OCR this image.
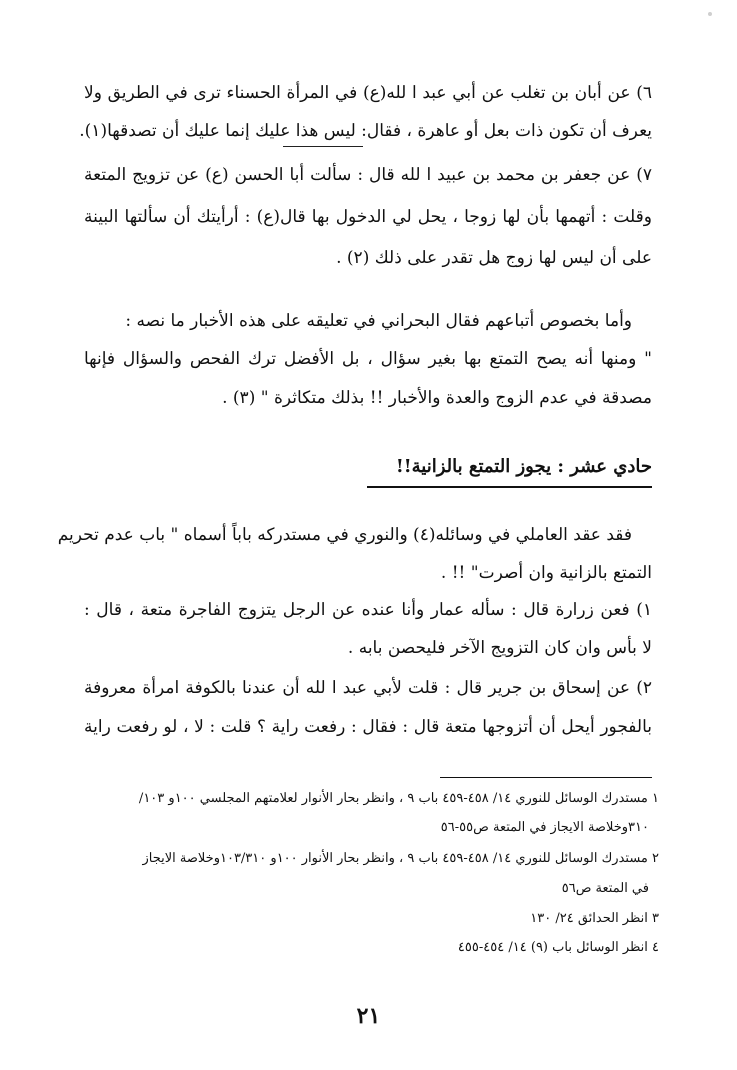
٦) عن أبان بن تغلب عن أبي عبد ا لله(ع) في المرأة الحسناء ترى في الطريق ولا
يعرف أن تكون ذات بعل أو عاهرة ، فقال: ليس هذا عليك إنما عليك أن تصدقها(١).
٧) عن جعفر بن محمد بن عبيد ا لله قال : سألت أبا الحسن (ع) عن تزويج المتعة
وقلت : أتهمها بأن لها زوجا ، يحل لي الدخول بها قال(ع) : أرأيتك أن سألتها البينة
على أن ليس لها زوج هل تقدر على ذلك (٢) .
وأما بخصوص أتباعهم فقال البحراني في تعليقه على هذه الأخبار ما نصه :
" ومنها أنه يصح التمتع بها بغير سؤال ، بل الأفضل ترك الفحص والسؤال فإنها
مصدقة في عدم الزوج والعدة والأخبار !! بذلك متكاثرة " (٣) .
حادي عشر : يجوز التمتع بالزانية!!
فقد عقد العاملي في وسائله(٤) والنوري في مستدركه باباً أسماه " باب عدم تحريم
التمتع بالزانية وان أصرت" !! .
١) فعن زرارة قال : سأله عمار وأنا عنده عن الرجل يتزوج الفاجرة متعة ، قال :
لا بأس وان كان التزويج الآخر فليحصن بابه .
٢) عن إسحاق بن جرير قال : قلت لأبي عبد ا لله أن عندنا بالكوفة امرأة معروفة
بالفجور أيحل أن أتزوجها متعة قال : فقال : رفعت راية ؟ قلت : لا ، لو رفعت راية
١ مستدرك الوسائل للنوري ١٤/ ٤٥٨-٤٥٩ باب ٩ ، وانظر بحار الأنوار لعلامتهم المجلسي ١٠٠و ١٠٣/
٣١٠وخلاصة الايجاز في المتعة ص٥٥-٥٦
٢ مستدرك الوسائل للنوري ١٤/ ٤٥٨-٤٥٩ باب ٩ ، وانظر بحار الأنوار ١٠٠و ١٠٣/٣١٠وخلاصة الايجاز
في المتعة ص٥٦
٣ انظر الحدائق ٢٤/ ١٣٠
٤ انظر الوسائل باب (٩) ١٤/ ٤٥٤-٤٥٥
٢١
